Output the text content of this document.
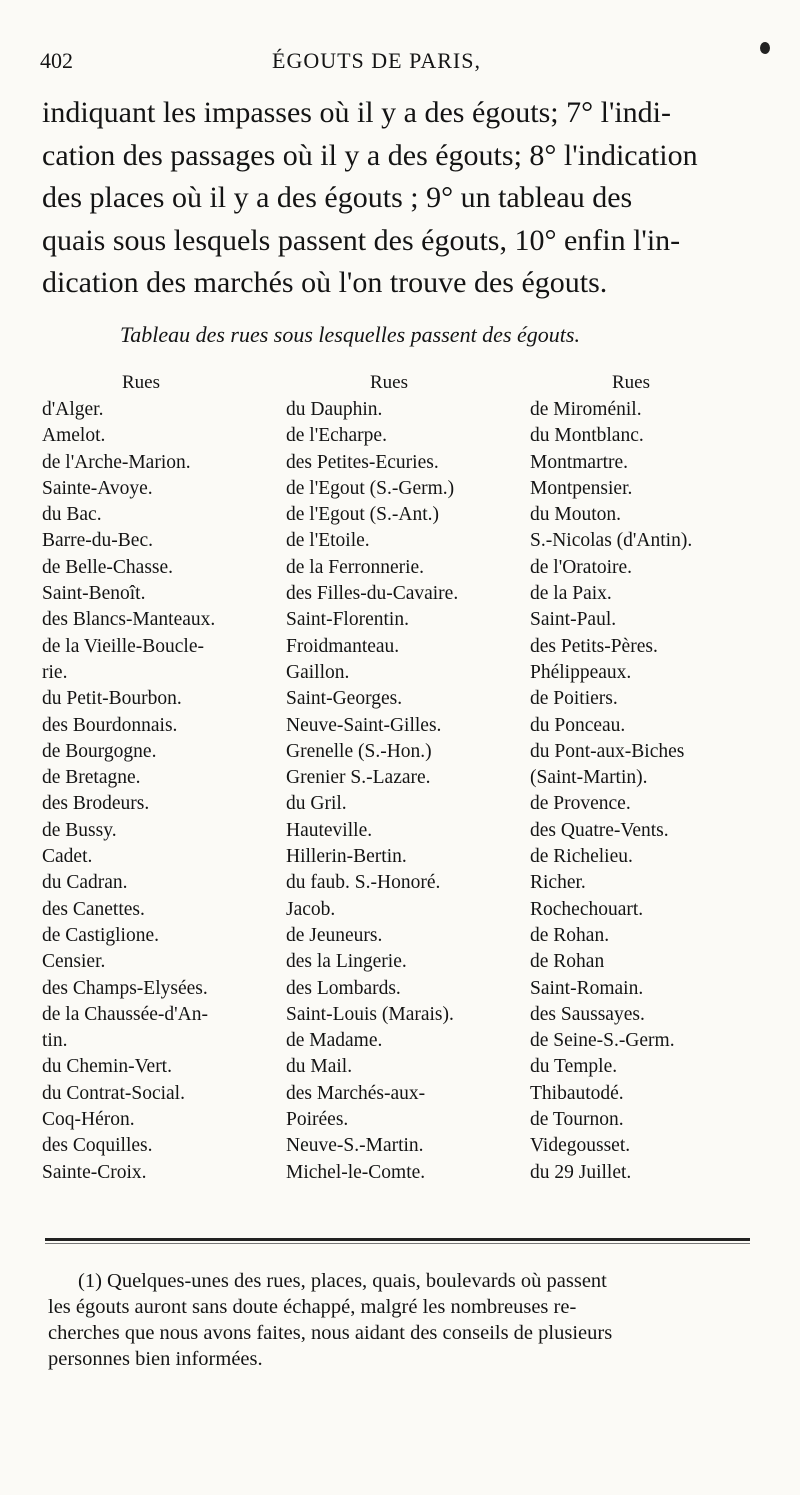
402	ÉGOUTS DE PARIS,
indiquant les impasses où il y a des égouts; 7° l'indi-
cation des passages où il y a des égouts; 8° l'indication
des places où il y a des égouts ; 9° un tableau des
quais sous lesquels passent des égouts, 10° enfin l'in-
dication des marchés où l'on trouve des égouts.
Tableau des rues sous lesquelles passent des égouts.
Rues	Rues	Rues
d'Alger.
Amelot.
de l'Arche-Marion.
Sainte-Avoye.
du Bac.
Barre-du-Bec.
de Belle-Chasse.
Saint-Benoît.
des Blancs-Manteaux.
de la Vieille-Boucle-
rie.
du Petit-Bourbon.
des Bourdonnais.
de Bourgogne.
de Bretagne.
des Brodeurs.
de Bussy.
Cadet.
du Cadran.
des Canettes.
de Castiglione.
Censier.
des Champs-Elysées.
de la Chaussée-d'An-
tin.
du Chemin-Vert.
du Contrat-Social.
Coq-Héron.
des Coquilles.
Sainte-Croix.
du Dauphin.
de l'Echarpe.
des Petites-Ecuries.
de l'Egout (S.-Germ.)
de l'Egout (S.-Ant.)
de l'Etoile.
de la Ferronnerie.
des Filles-du-Cavaire.
Saint-Florentin.
Froidmanteau.
Gaillon.
Saint-Georges.
Neuve-Saint-Gilles.
Grenelle (S.-Hon.)
Grenier S.-Lazare.
du Gril.
Hauteville.
Hillerin-Bertin.
du faub. S.-Honoré.
Jacob.
de Jeuneurs.
des la Lingerie.
des Lombards.
Saint-Louis (Marais).
de Madame.
du Mail.
des Marchés-aux-
Poirées.
Neuve-S.-Martin.
Michel-le-Comte.
de Miroménil.
du Montblanc.
Montmartre.
Montpensier.
du Mouton.
S.-Nicolas (d'Antin).
de l'Oratoire.
de la Paix.
Saint-Paul.
des Petits-Pères.
Phélippeaux.
de Poitiers.
du Ponceau.
du Pont-aux-Biches
(Saint-Martin).
de Provence.
des Quatre-Vents.
de Richelieu.
Richer.
Rochechouart.
de Rohan.
de Rohan
Saint-Romain.
des Saussayes.
de Seine-S.-Germ.
du Temple.
Thibautodé.
de Tournon.
Videgousset.
du 29 Juillet.
(1) Quelques-unes des rues, places, quais, boulevards où passent
les égouts auront sans doute échappé, malgré les nombreuses re-
cherches que nous avons faites, nous aidant des conseils de plusieurs
personnes bien informées.
